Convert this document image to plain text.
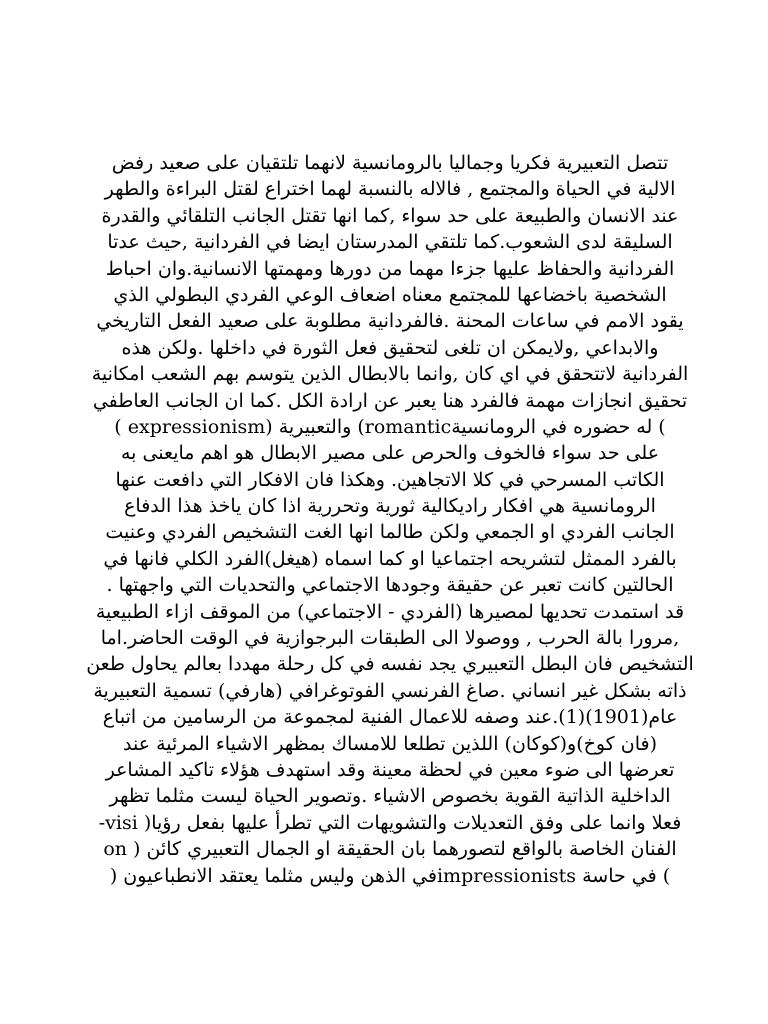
تتصل التعبيرية فكريا وجماليا بالرومانسية لانهما تلتقيان على صعيد رفض
الالية في الحياة والمجتمع , فالاله بالنسبة لهما اختراع لقتل البراءة والطهر
عند الانسان والطبيعة على حد سواء ,كما انها تقتل الجانب التلقائي والقدرة
السليقة لدى الشعوب.كما تلتقي المدرستان ايضا في الفردانية ,حيث عدتا
الفردانية والحفاظ عليها جزءا مهما من دورها ومهمتها الانسانية.وان احباط
الشخصية باخضاعها للمجتمع معناه اضعاف الوعي الفردي البطولي الذي
يقود الامم في ساعات المحنة .فالفردانية مطلوبة على صعيد الفعل التاريخي
والابداعي ,ولايمكن ان تلغى لتحقيق فعل الثورة في داخلها .ولكن هذه
الفردانية لاتتحقق في اي كان ,وانما بالابطال الذين يتوسم بهم الشعب امكانية
تحقيق انجازات مهمة فالفرد هنا يعبر عن ارادة الكل .كما ان الجانب العاطفي
( expressionism) والتعبيرية (romanticله حضوره في الرومانسية (
على حد سواء فالخوف والحرص على مصير الابطال هو اهم مايعنى به
الكاتب المسرحي في كلا الاتجاهين. وهكذا فان الافكار التي دافعت عنها
الرومانسية هي افكار راديكالية ثورية وتحررية اذا كان ياخذ هذا الدفاع
الجانب الفردي او الجمعي ولكن طالما انها الغت التشخيص الفردي وعنيت
بالفرد الممثل لتشريحه اجتماعيا او كما اسماه (هيغل)الفرد الكلي فانها في
الحالتين كانت تعبر عن حقيقة وجودها الاجتماعي والتحديات التي واجهتها .
قد استمدت تحديها لمصيرها (الفردي - الاجتماعي) من الموقف ازاء الطبيعية
,مرورا بالة الحرب , ووصولا الى الطبقات البرجوازية في الوقت الحاضر.اما
التشخيص فان البطل التعبيري يجد نفسه في كل رحلة مهددا بعالم يحاول طعن
ذاته بشكل غير انساني .صاغ الفرنسي الفوتوغرافي (هارفي) تسمية التعبيرية
عام(1901)(1).عند وصفه للاعمال الفنية لمجموعة من الرسامين من اتباع
(فان كوخ)و(كوكان) اللذين تطلعا للامساك بمظهر الاشياء المرئية عند
تعرضها الى ضوء معين في لحظة معينة وقد استهدف هؤلاء تاكيد المشاعر
الداخلية الذاتية القوية بخصوص الاشياء .وتصوير الحياة ليست مثلما تظهر
فعلا وانما على وفق التعديلات والتشويهات التي تطرأ عليها بفعل رؤيا( visi-
on ) الفنان الخاصة بالواقع لتصورهما بان الحقيقة او الجمال التعبيري كائن
) في حاسة impressionistsفي الذهن وليس مثلما يعتقد الانطباعيون (
